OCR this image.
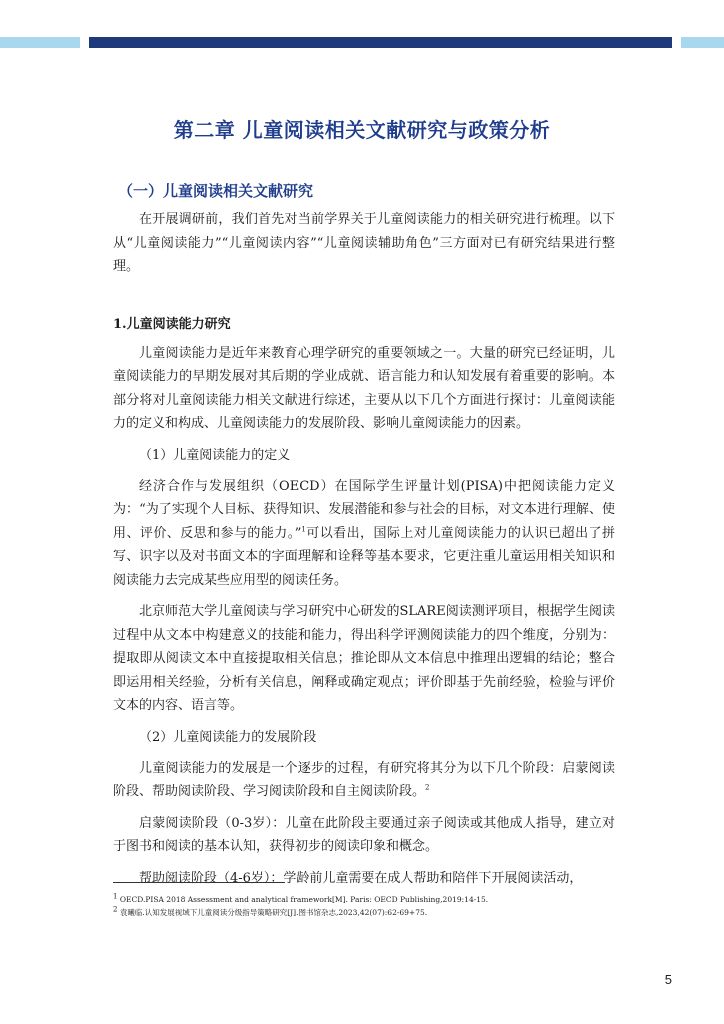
第二章 儿童阅读相关文献研究与政策分析
（一）儿童阅读相关文献研究

在开展调研前，我们首先对当前学界关于儿童阅读能力的相关研究进行梳理。以下从“儿童阅读能力”“儿童阅读内容”“儿童阅读辅助角色”三方面对已有研究结果进行整理。

1.儿童阅读能力研究

儿童阅读能力是近年来教育心理学研究的重要领域之一。大量的研究已经证明，儿童阅读能力的早期发展对其后期的学业成就、语言能力和认知发展有着重要的影响。本部分将对儿童阅读能力相关文献进行综述，主要从以下几个方面进行探讨：儿童阅读能力的定义和构成、儿童阅读能力的发展阶段、影响儿童阅读能力的因素。

（1）儿童阅读能力的定义

经济合作与发展组织（OECD）在国际学生评量计划(PISA)中把阅读能力定义为：“为了实现个人目标、获得知识、发展潜能和参与社会的目标，对文本进行理解、使用、评价、反思和参与的能力。”$^1$可以看出，国际上对儿童阅读能力的认识已超出了拼写、识字以及对书面文本的字面理解和诠释等基本要求，它更注重儿童运用相关知识和阅读能力去完成某些应用型的阅读任务。

北京师范大学儿童阅读与学习研究中心研发的SLARE阅读测评项目，根据学生阅读过程中从文本中构建意义的技能和能力，得出科学评测阅读能力的四个维度，分别为：提取即从阅读文本中直接提取相关信息；推论即从文本信息中推理出逻辑的结论；整合即运用相关经验，分析有关信息，阐释或确定观点；评价即基于先前经验，检验与评价文本的内容、语言等。

（2）儿童阅读能力的发展阶段

儿童阅读能力的发展是一个逐步的过程，有研究将其分为以下几个阶段：启蒙阅读阶段、帮助阅读阶段、学习阅读阶段和自主阅读阶段。$^2$

启蒙阅读阶段（0-3岁）：儿童在此阶段主要通过亲子阅读或其他成人指导，建立对于图书和阅读的基本认知，获得初步的阅读印象和概念。

帮助阅读阶段（4-6岁）：学龄前儿童需要在成人帮助和陪伴下开展阅读活动，

$^1$ OECD.PISA 2018 Assessment and analytical framework[M]. Paris: OECD Publishing,2019:14-15.

$^2$ 袁曦临.认知发展视域下儿童阅读分级指导策略研究[J].图书馆杂志,2023,42(07):62-69+75.

5
